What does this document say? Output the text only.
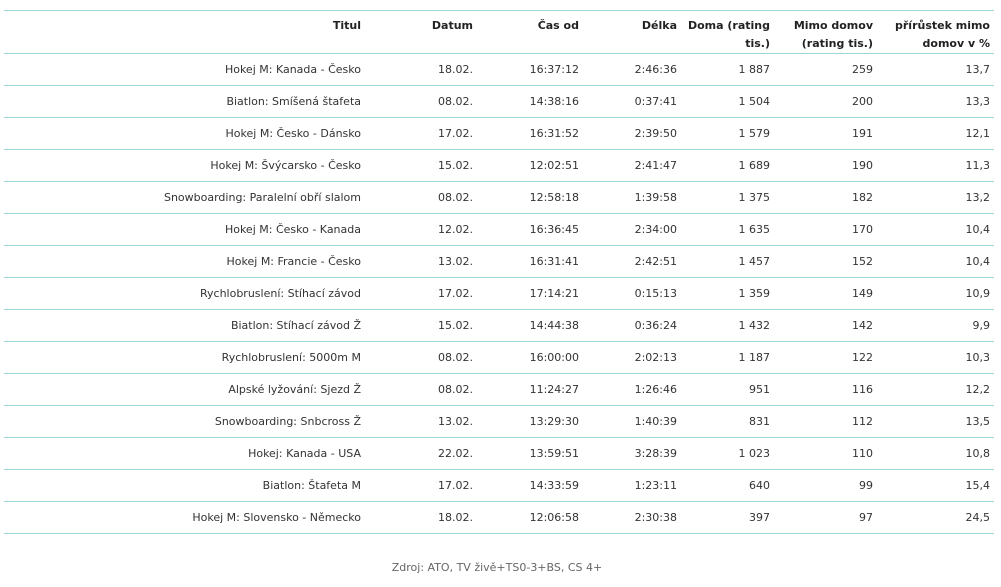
Titul	Datum	Čas od	Délka	Doma (rating tis.)	Mimo domov (rating tis.)	přírůstek mimo domov v %
Hokej M: Kanada - Česko	18.02.	16:37:12	2:46:36	1 887	259	13,7
Biatlon: Smíšená štafeta	08.02.	14:38:16	0:37:41	1 504	200	13,3
Hokej M: Česko - Dánsko	17.02.	16:31:52	2:39:50	1 579	191	12,1
Hokej M: Švýcarsko - Česko	15.02.	12:02:51	2:41:47	1 689	190	11,3
Snowboarding: Paralelní obří slalom	08.02.	12:58:18	1:39:58	1 375	182	13,2
Hokej M: Česko - Kanada	12.02.	16:36:45	2:34:00	1 635	170	10,4
Hokej M: Francie - Česko	13.02.	16:31:41	2:42:51	1 457	152	10,4
Rychlobruslení: Stíhací závod	17.02.	17:14:21	0:15:13	1 359	149	10,9
Biatlon: Stíhací závod Ž	15.02.	14:44:38	0:36:24	1 432	142	9,9
Rychlobruslení: 5000m M	08.02.	16:00:00	2:02:13	1 187	122	10,3
Alpské lyžování: Sjezd Ž	08.02.	11:24:27	1:26:46	951	116	12,2
Snowboarding: Snbcross Ž	13.02.	13:29:30	1:40:39	831	112	13,5
Hokej: Kanada - USA	22.02.	13:59:51	3:28:39	1 023	110	10,8
Biatlon: Štafeta M	17.02.	14:33:59	1:23:11	640	99	15,4
Hokej M: Slovensko - Německo	18.02.	12:06:58	2:30:38	397	97	24,5
Zdroj: ATO, TV živě+TS0-3+BS, CS 4+
